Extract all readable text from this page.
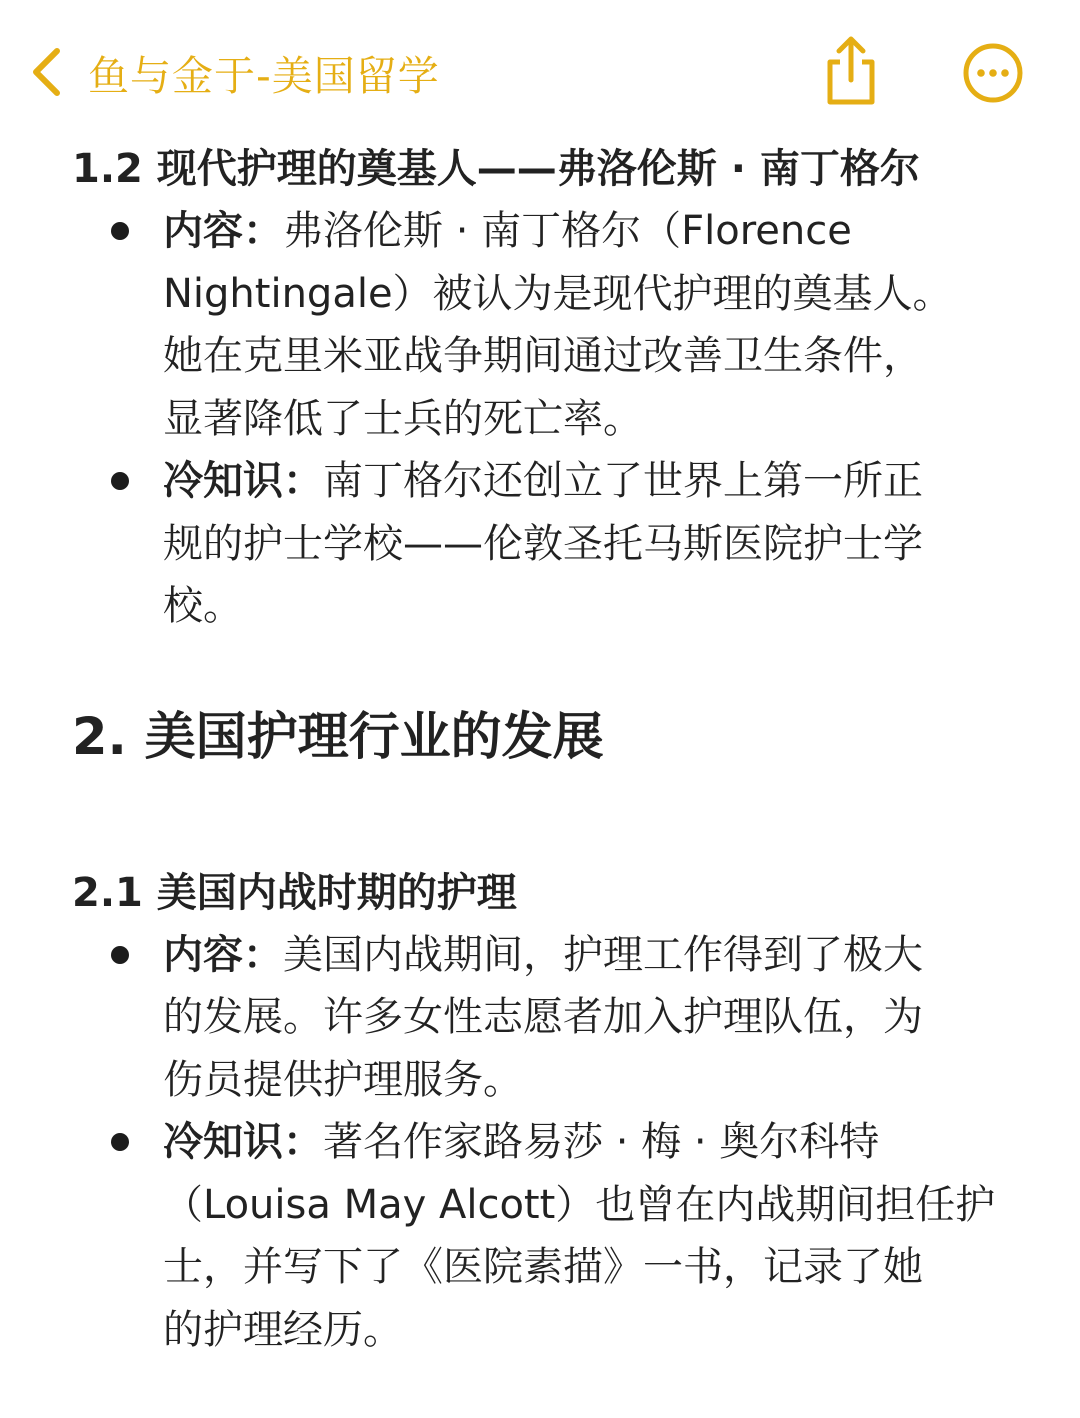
鱼与金于-美国留学
1.2 现代护理的奠基人——弗洛伦斯 · 南丁格尔
内容：弗洛伦斯 · 南丁格尔（Florence
Nightingale）被认为是现代护理的奠基人。
她在克里米亚战争期间通过改善卫生条件，
显著降低了士兵的死亡率。
冷知识：南丁格尔还创立了世界上第一所正
规的护士学校——伦敦圣托马斯医院护士学
校。
2. 美国护理行业的发展
2.1 美国内战时期的护理
内容：美国内战期间，护理工作得到了极大
的发展。许多女性志愿者加入护理队伍，为
伤员提供护理服务。
冷知识：著名作家路易莎 · 梅 · 奥尔科特
（Louisa May Alcott）也曾在内战期间担任护
士，并写下了《医院素描》一书，记录了她
的护理经历。
